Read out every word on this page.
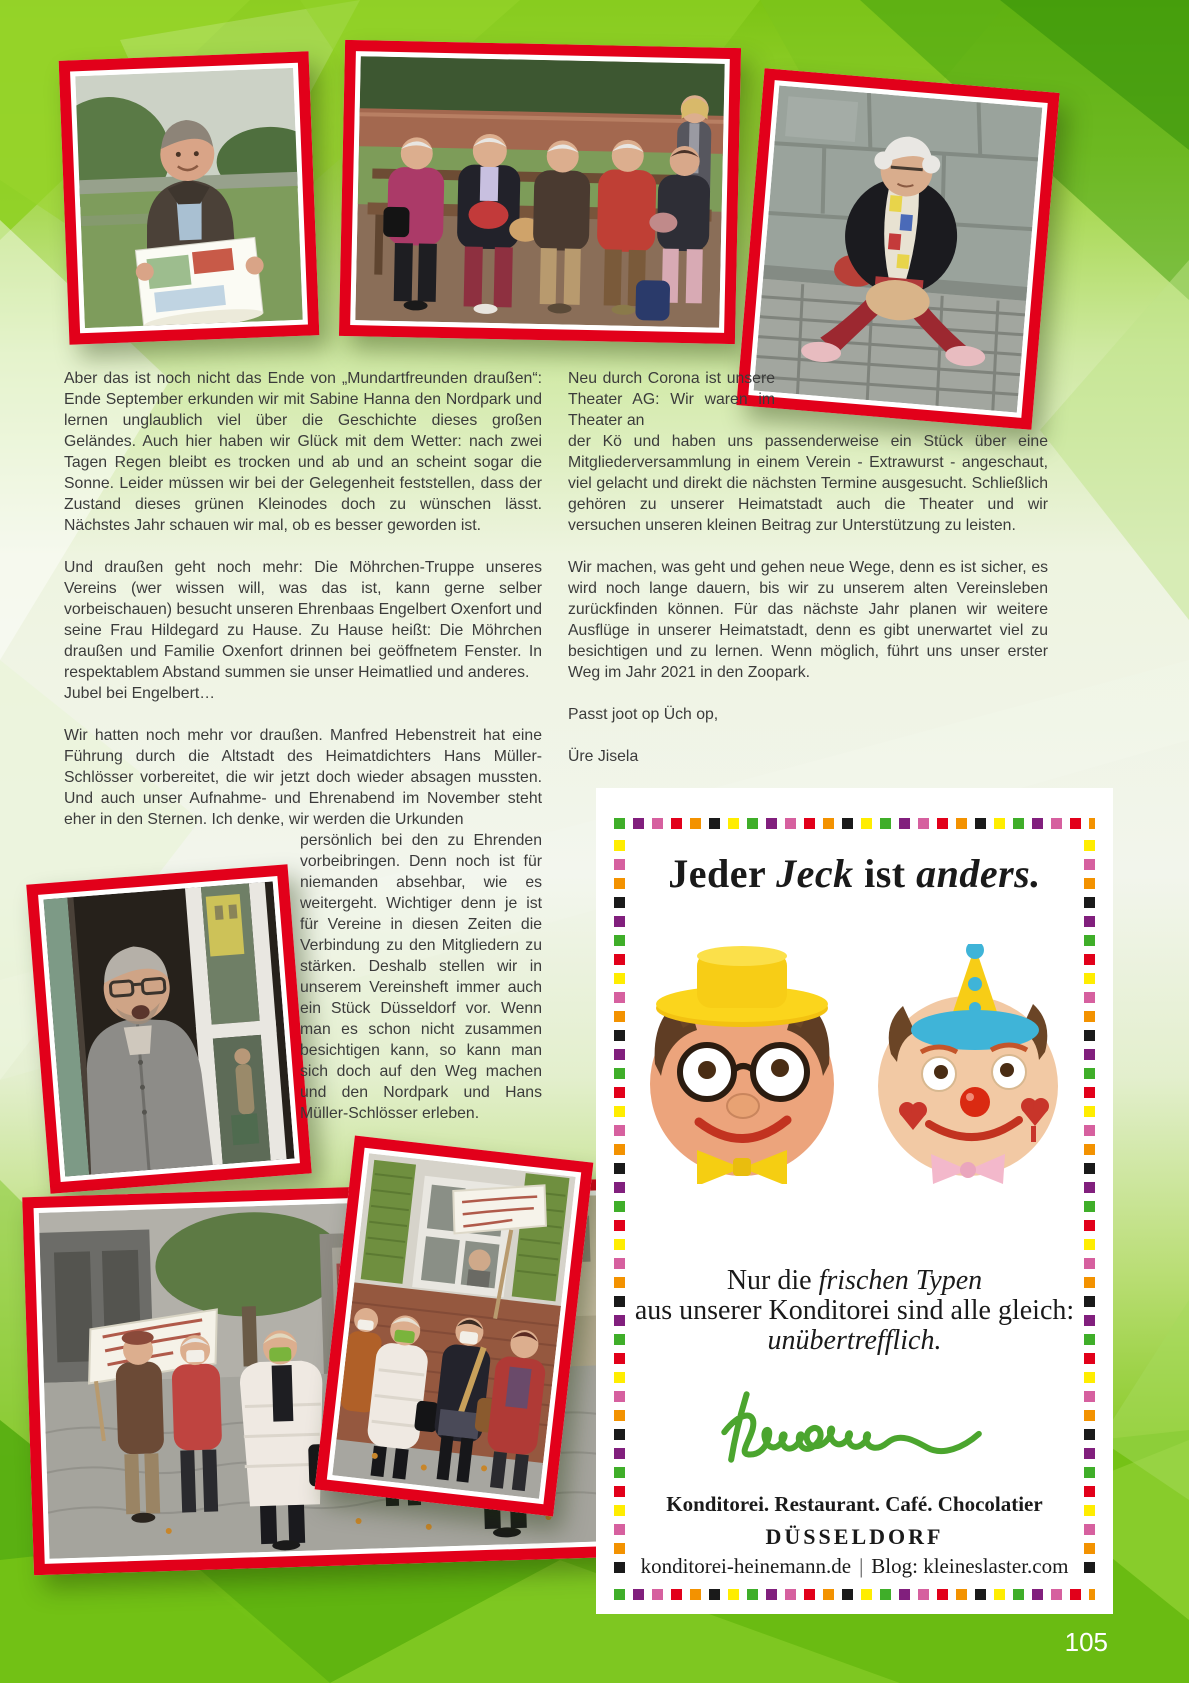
Aber das ist noch nicht das Ende von „Mundartfreunden draußen“: Ende September erkunden wir mit Sabine Hanna den Nordpark und lernen unglaublich viel über die Geschichte dieses großen Geländes. Auch hier haben wir Glück mit dem Wetter: nach zwei Tagen Regen bleibt es trocken und ab und an scheint sogar die Sonne. Leider müssen wir bei der Gelegenheit feststellen, dass der Zustand dieses grünen Kleinodes doch zu wünschen lässt. Nächstes Jahr schauen wir mal, ob es besser geworden ist.

Und draußen geht noch mehr: Die Möhrchen-Truppe unseres Vereins (wer wissen will, was das ist, kann gerne selber vorbeischauen) besucht unseren Ehrenbaas Engelbert Oxenfort und seine Frau Hildegard zu Hause. Zu Hause heißt: Die Möhrchen draußen und Familie Oxenfort drinnen bei geöffnetem Fenster. In respektablem Abstand summen sie unser Heimatlied und anderes.

Jubel bei Engelbert…

Wir hatten noch mehr vor draußen. Manfred Hebenstreit hat eine Führung durch die Altstadt des Heimatdichters Hans Müller-Schlösser vorbereitet, die wir jetzt doch wieder absagen mussten. Und auch unser Aufnahme- und Ehrenabend im November steht eher in den Sternen. Ich denke, wir werden die Urkunden

persönlich bei den zu Ehrenden vorbeibringen. Denn noch ist für niemanden absehbar, wie es weitergeht. Wichtiger denn je ist für Vereine in diesen Zeiten die Verbindung zu den Mitgliedern zu stärken. Deshalb stellen wir in unserem Vereinsheft immer auch ein Stück Düsseldorf vor. Wenn man es schon nicht zusammen besichtigen kann, so kann man sich doch auf den Weg machen und den Nordpark und Hans Müller-Schlösser erleben.
Neu durch Corona ist unsere Theater AG: Wir waren im Theater an

der Kö und haben uns passenderweise ein Stück über eine Mitgliederversammlung in einem Verein - Extrawurst - angeschaut, viel gelacht und direkt die nächsten Termine ausgesucht. Schließlich gehören zu unserer Heimatstadt auch die Theater und wir versuchen unseren kleinen Beitrag zur Unterstützung zu leisten.

Wir machen, was geht und gehen neue Wege, denn es ist sicher, es wird noch lange dauern, bis wir zu unserem alten Vereinsleben zurückfinden können. Für das nächste Jahr planen wir weitere Ausflüge in unserer Heimatstadt, denn es gibt unerwartet viel zu besichtigen und zu lernen. Wenn möglich, führt uns unser erster Weg im Jahr 2021 in den Zoopark.

Passt joot op Üch op,

Üre Jisela

Jeder Jeck ist anders.
Nur die frischen Typen
aus unserer Konditorei sind alle gleich:
unübertrefflich.
Konditorei. Restaurant. Café. Chocolatier
DÜSSELDORF
konditorei-heinemann.de | Blog: kleineslaster.com
105
